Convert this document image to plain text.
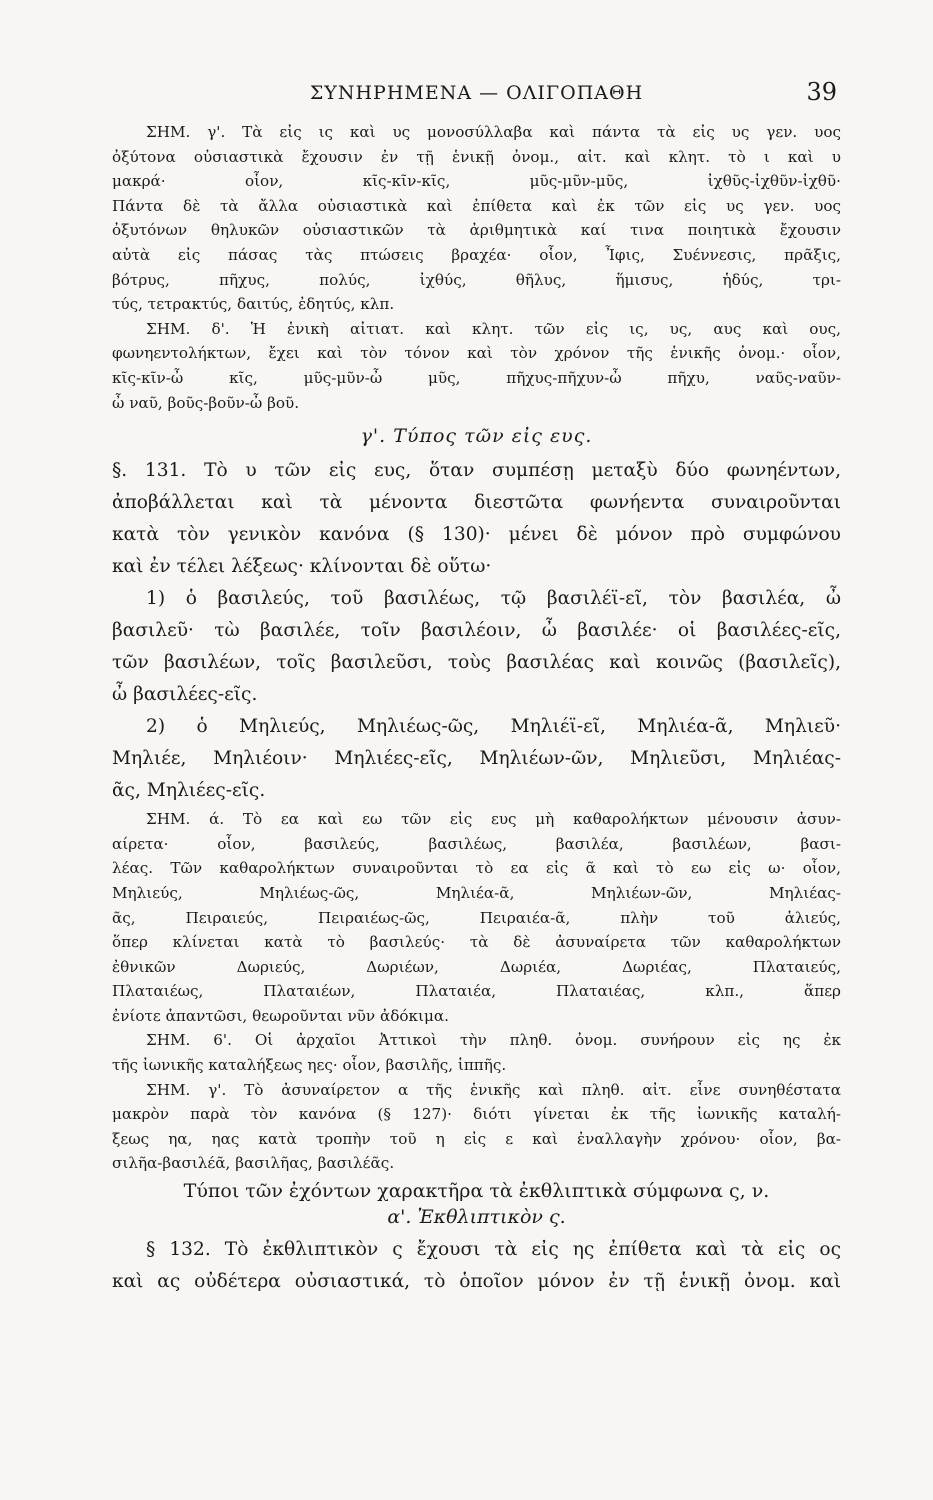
ΣΥΝΗΡΗΜΕΝΑ — ΟΛΙΓΟΠΑΘΗ	39

ΣΗΜ. γ'. Τὰ εἰς ις καὶ υς μονοσύλλαβα καὶ πάντα τὰ εἰς υς γεν. υος

ὀξύτονα οὐσιαστικὰ ἔχουσιν ἐν τῇ ἑνικῇ ὀνομ., αἰτ. καὶ κλητ. τὸ ι καὶ υ

μακρά· οἷον, κῖς-κῖν-κῖς, μῦς-μῦν-μῦς, ἰχθῦς-ἰχθῦν-ἰχθῦ·

Πάντα δὲ τὰ ἄλλα οὐσιαστικὰ καὶ ἐπίθετα καὶ ἐκ τῶν εἰς υς γεν. υος

ὀξυτόνων θηλυκῶν οὐσιαστικῶν τὰ ἀριθμητικὰ καί τινα ποιητικὰ ἔχουσιν

αὐτὰ εἰς πάσας τὰς πτώσεις βραχέα· οἷον, Ἶφις, Συέννεσις, πρᾶξις,

βότρυς, πῆχυς, πολύς, ἰχθύς, θῆλυς, ἥμισυς, ἡδύς, τρι-

τύς, τετρακτύς, δαιτύς, ἐδητύς, κλπ.

ΣΗΜ. δ'. Ἡ ἑνικὴ αἰτιατ. καὶ κλητ. τῶν εἰς ις, υς, αυς καὶ ους,

φωνηεντολήκτων, ἔχει καὶ τὸν τόνον καὶ τὸν χρόνον τῆς ἑνικῆς ὀνομ.· οἷον,

κῖς-κῖν-ὦ κῖς, μῦς-μῦν-ὦ μῦς, πῆχυς-πῆχυν-ὦ πῆχυ, ναῦς-ναῦν-

ὦ ναῦ, βοῦς-βοῦν-ὦ βοῦ.

γ'. Τύπος τῶν εἰς ευς.

§. 131. Τὸ υ τῶν εἰς ευς, ὅταν συμπέσῃ μεταξὺ δύο φωνηέντων,

ἀποβάλλεται καὶ τὰ μένοντα διεστῶτα φωνήεντα συναιροῦνται

κατὰ τὸν γενικὸν κανόνα (§ 130)· μένει δὲ μόνον πρὸ συμφώνου

καὶ ἐν τέλει λέξεως· κλίνονται δὲ οὕτω·

1) ὁ βασιλεύς, τοῦ βασιλέως, τῷ βασιλέϊ-εῖ, τὸν βασιλέα, ὦ

βασιλεῦ· τὼ βασιλέε, τοῖν βασιλέοιν, ὦ βασιλέε· οἱ βασιλέες-εῖς,

τῶν βασιλέων, τοῖς βασιλεῦσι, τοὺς βασιλέας καὶ κοινῶς (βασιλεῖς),

ὦ βασιλέες-εῖς.

2) ὁ Μηλιεύς, Μηλιέως-ῶς, Μηλιέϊ-εῖ, Μηλιέα-ᾶ, Μηλιεῦ·

Μηλιέε, Μηλιέοιν· Μηλιέες-εῖς, Μηλιέων-ῶν, Μηλιεῦσι, Μηλιέας-

ᾶς, Μηλιέες-εῖς.

ΣΗΜ. ά. Τὸ εα καὶ εω τῶν εἰς ευς μὴ καθαρολήκτων μένουσιν ἀσυν-

αίρετα· οἷον, βασιλεύς, βασιλέως, βασιλέα, βασιλέων, βασι-

λέας. Τῶν καθαρολήκτων συναιροῦνται τὸ εα εἰς ᾶ καὶ τὸ εω εἰς ω· οἷον,

Μηλιεύς, Μηλιέως-ῶς, Μηλιέα-ᾶ, Μηλιέων-ῶν, Μηλιέας-

ᾶς, Πειραιεύς, Πειραιέως-ῶς, Πειραιέα-ᾶ, πλὴν τοῦ ἁλιεύς,

ὅπερ κλίνεται κατὰ τὸ βασιλεύς· τὰ δὲ ἀσυναίρετα τῶν καθαρολήκτων

ἐθνικῶν Δωριεύς, Δωριέων, Δωριέα, Δωριέας, Πλαταιεύς,

Πλαταιέως, Πλαταιέων, Πλαταιέα, Πλαταιέας, κλπ., ἅπερ

ἐνίοτε ἀπαντῶσι, θεωροῦνται νῦν ἀδόκιμα.

ΣΗΜ. 6'. Οἱ ἀρχαῖοι Ἀττικοὶ τὴν πληθ. ὀνομ. συνήρουν εἰς ης ἐκ

τῆς ἰωνικῆς καταλήξεως ηες· οἷον, βασιλῆς, ἱππῆς.

ΣΗΜ. γ'. Τὸ ἀσυναίρετον α τῆς ἑνικῆς καὶ πληθ. αἰτ. εἶνε συνηθέστατα

μακρὸν παρὰ τὸν κανόνα (§ 127)· διότι γίνεται ἐκ τῆς ἰωνικῆς καταλή-

ξεως ηα, ηας κατὰ τροπὴν τοῦ η εἰς ε καὶ ἐναλλαγὴν χρόνου· οἷον, βα-

σιλῆα-βασιλέᾶ, βασιλῆας, βασιλέᾶς.

Τύποι τῶν ἐχόντων χαρακτῆρα τὰ ἐκθλιπτικὰ σύμφωνα ς, ν.
α'. Ἐκθλιπτικὸν ς.

§ 132. Τὸ ἐκθλιπτικὸν ς ἔχουσι τὰ εἰς ης ἐπίθετα καὶ τὰ εἰς ος

καὶ ας οὐδέτερα οὐσιαστικά, τὸ ὁποῖον μόνον ἐν τῇ ἑνικῇ ὀνομ. καὶ
